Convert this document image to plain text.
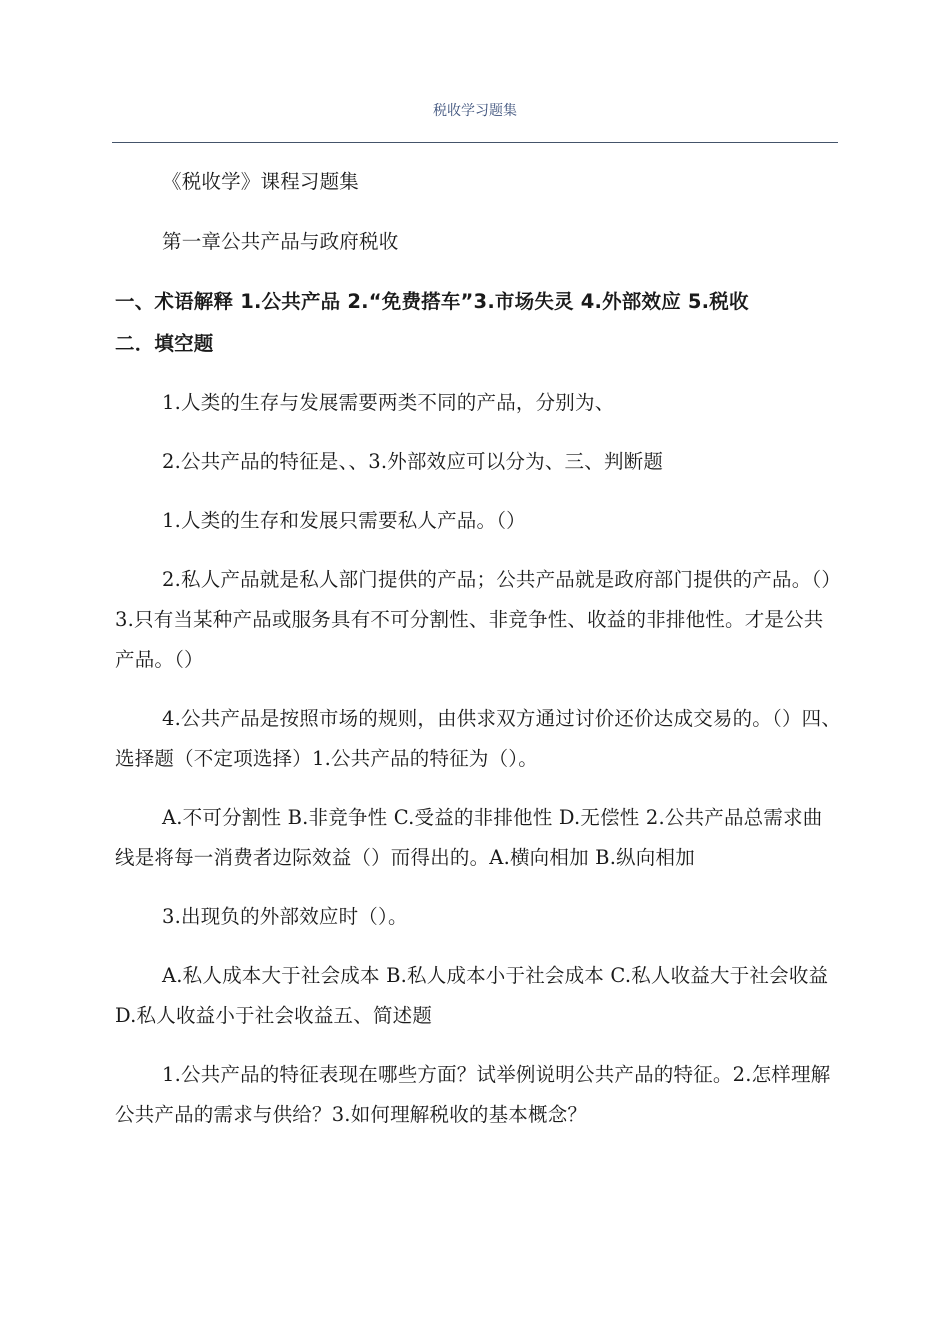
税收学习题集

《税收学》课程习题集

第一章公共产品与政府税收

一、术语解释 1.公共产品 2.“免费搭车”3.市场失灵 4.外部效应 5.税收

二．填空题

1.人类的生存与发展需要两类不同的产品，分别为、

2.公共产品的特征是、、3.外部效应可以分为、三、判断题

1.人类的生存和发展只需要私人产品。（）

2.私人产品就是私人部门提供的产品；公共产品就是政府部门提供的产品。（）3.只有当某种产品或服务具有不可分割性、非竞争性、收益的非排他性。才是公共产品。（）

4.公共产品是按照市场的规则，由供求双方通过讨价还价达成交易的。（）四、选择题（不定项选择）1.公共产品的特征为（）。

A.不可分割性 B.非竞争性 C.受益的非排他性 D.无偿性 2.公共产品总需求曲线是将每一消费者边际效益（）而得出的。A.横向相加 B.纵向相加

3.出现负的外部效应时（）。

A.私人成本大于社会成本 B.私人成本小于社会成本 C.私人收益大于社会收益 D.私人收益小于社会收益五、简述题

1.公共产品的特征表现在哪些方面？试举例说明公共产品的特征。2.怎样理解公共产品的需求与供给？3.如何理解税收的基本概念？
